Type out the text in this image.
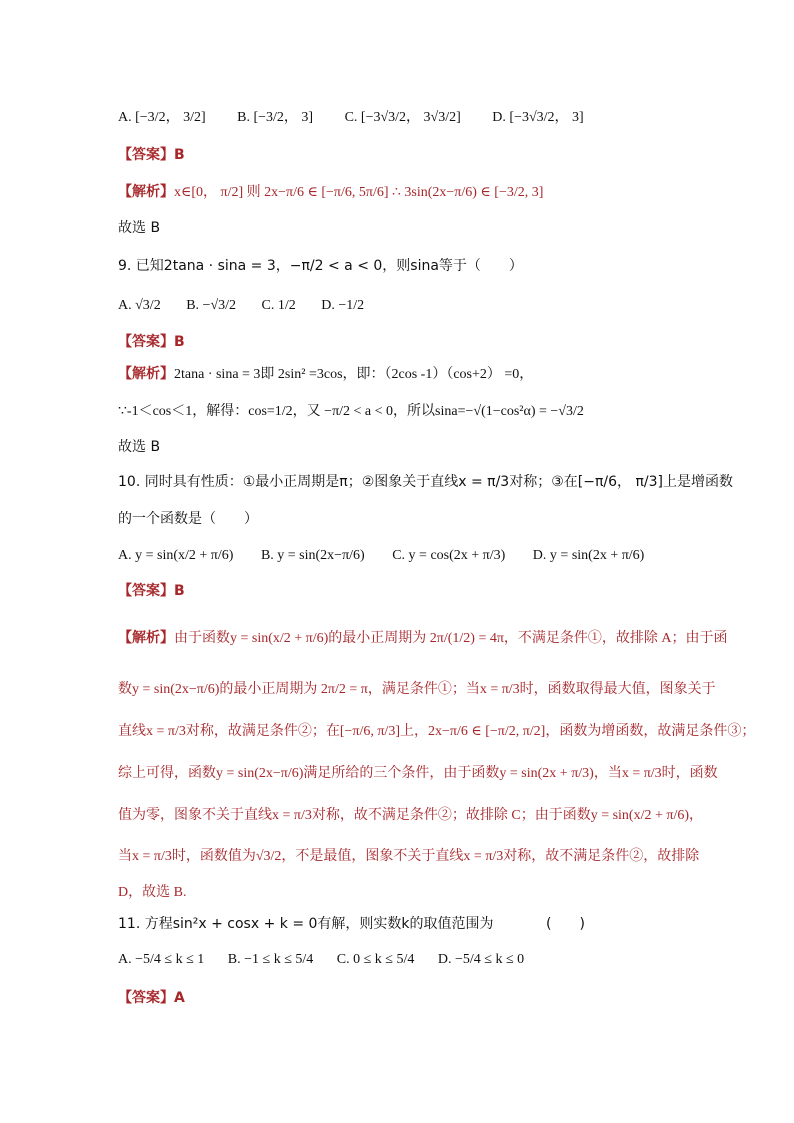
A. [−3/2， 3/2] B. [−3/2， 3] C. [−3√3/2， 3√3/2] D. [−3√3/2， 3]
【答案】B
【解析】x∈[0， π/2] 则 2x−π/6 ∈ [−π/6, 5π/6] ∴ 3sin(2x−π/6) ∈ [−3/2, 3]
故选 B
9. 已知2tana · sina = 3，−π/2 < a < 0，则sina等于（　　）
A. √3/2 B. −√3/2 C. 1/2 D. −1/2
【答案】B
【解析】2tana · sina = 3即 2sin² =3cos，即：（2cos -1）（cos+2） =0，
∵-1＜cos＜1，解得：cos=1/2，又 −π/2 < a < 0，所以sina=−√(1−cos²α) = −√3/2
故选 B
10. 同时具有性质：①最小正周期是π；②图象关于直线x = π/3对称；③在[−π/6， π/3]上是增函数
的一个函数是（　　）
A. y = sin(x/2 + π/6) B. y = sin(2x−π/6) C. y = cos(2x + π/3) D. y = sin(2x + π/6)
【答案】B
【解析】由于函数y = sin(x/2 + π/6)的最小正周期为 2π/(1/2) = 4π，不满足条件①，故排除 A；由于函
数y = sin(2x−π/6)的最小正周期为 2π/2 = π，满足条件①；当x = π/3时，函数取得最大值，图象关于
直线x = π/3对称，故满足条件②；在[−π/6, π/3]上，2x−π/6 ∈ [−π/2, π/2]，函数为增函数，故满足条件③；
综上可得，函数y = sin(2x−π/6)满足所给的三个条件，由于函数y = sin(2x + π/3)，当x = π/3时，函数
值为零，图象不关于直线x = π/3对称，故不满足条件②；故排除 C；由于函数y = sin(x/2 + π/6)，
当x = π/3时，函数值为√3/2，不是最值，图象不关于直线x = π/3对称，故不满足条件②，故排除
D，故选 B.
11. 方程sin²x + cosx + k = 0有解，则实数k的取值范围为	(　　)
A. −5/4 ≤ k ≤ 1 B. −1 ≤ k ≤ 5/4 C. 0 ≤ k ≤ 5/4 D. −5/4 ≤ k ≤ 0
【答案】A
